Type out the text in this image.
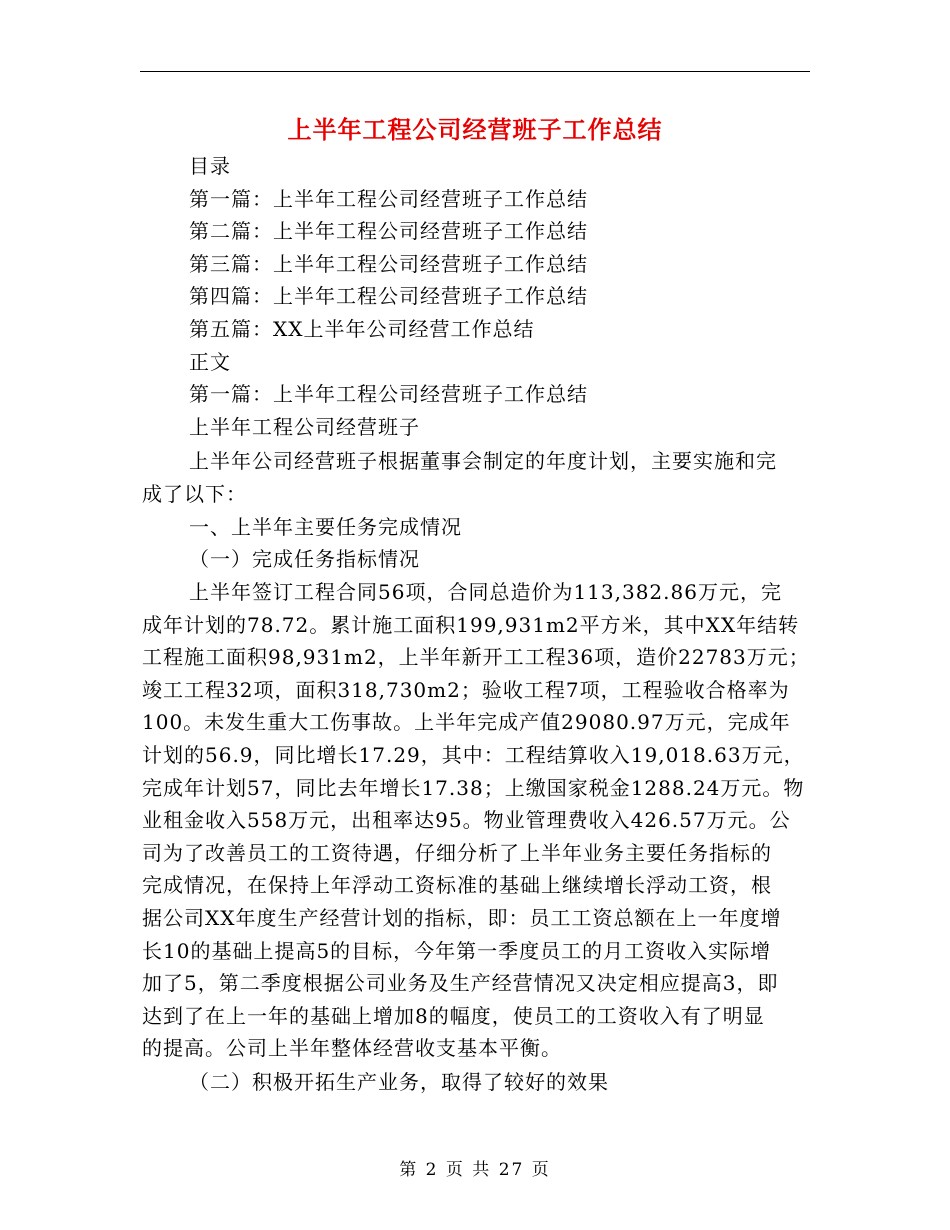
上半年工程公司经营班子工作总结
目录
第一篇：上半年工程公司经营班子工作总结
第二篇：上半年工程公司经营班子工作总结
第三篇：上半年工程公司经营班子工作总结
第四篇：上半年工程公司经营班子工作总结
第五篇：XX上半年公司经营工作总结
正文
第一篇：上半年工程公司经营班子工作总结
上半年工程公司经营班子
上半年公司经营班子根据董事会制定的年度计划，主要实施和完
成了以下：
一、上半年主要任务完成情况
（一）完成任务指标情况
上半年签订工程合同56项，合同总造价为113,382.86万元，完
成年计划的78.72。累计施工面积199,931m2平方米，其中XX年结转
工程施工面积98,931m2，上半年新开工工程36项，造价22783万元；
竣工工程32项，面积318,730m2；验收工程7项，工程验收合格率为
100。未发生重大工伤事故。上半年完成产值29080.97万元，完成年
计划的56.9，同比增长17.29，其中：工程结算收入19,018.63万元，
完成年计划57，同比去年增长17.38；上缴国家税金1288.24万元。物
业租金收入558万元，出租率达95。物业管理费收入426.57万元。公
司为了改善员工的工资待遇，仔细分析了上半年业务主要任务指标的
完成情况，在保持上年浮动工资标准的基础上继续增长浮动工资，根
据公司XX年度生产经营计划的指标，即：员工工资总额在上一年度增
长10的基础上提高5的目标，今年第一季度员工的月工资收入实际增
加了5，第二季度根据公司业务及生产经营情况又决定相应提高3，即
达到了在上一年的基础上增加8的幅度，使员工的工资收入有了明显
的提高。公司上半年整体经营收支基本平衡。
（二）积极开拓生产业务，取得了较好的效果
第 2 页 共 27 页
